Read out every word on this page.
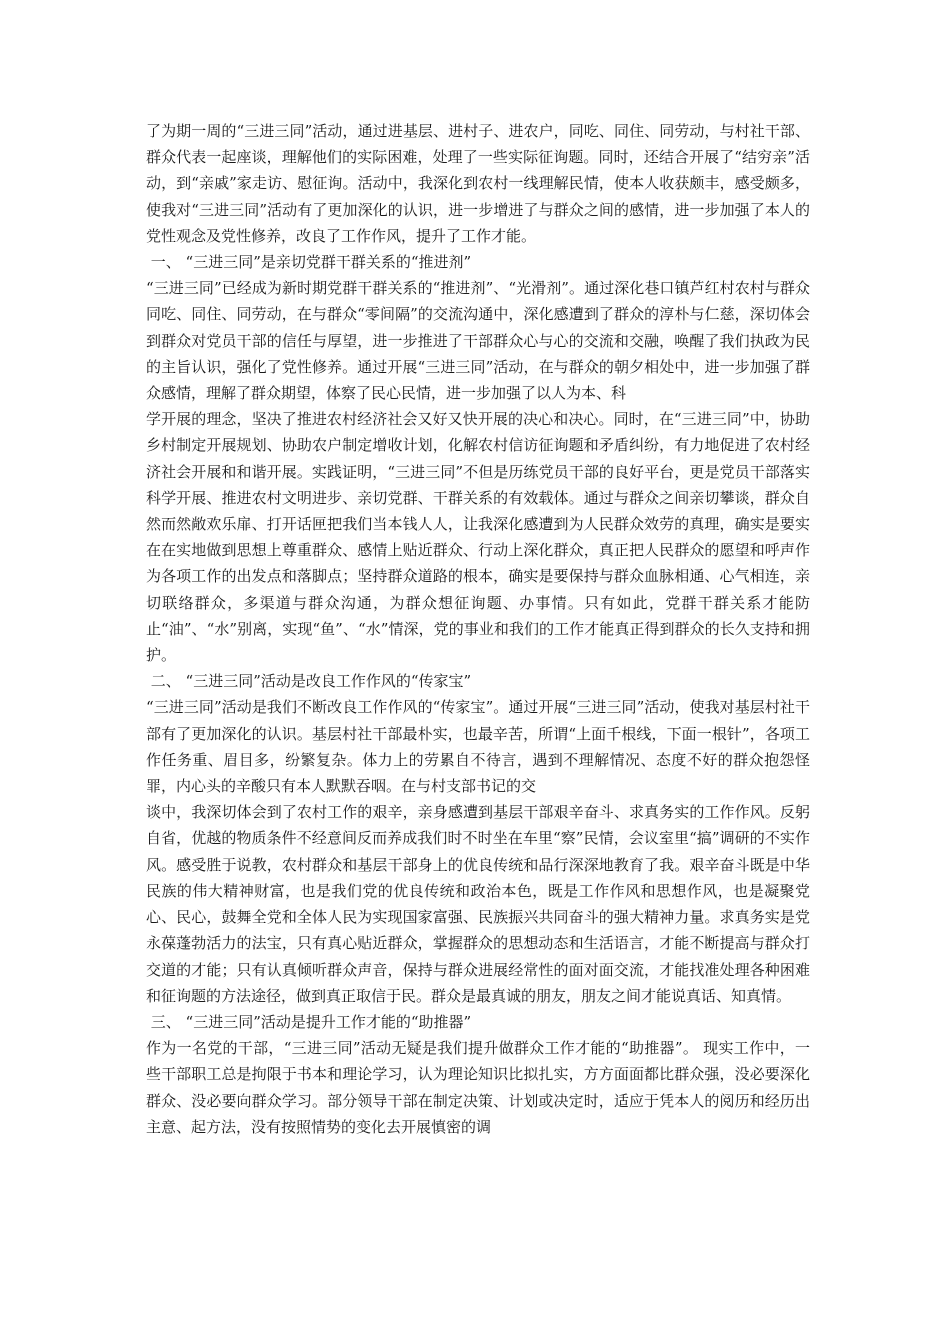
了为期一周的“三进三同”活动，通过进基层、进村子、进农户，同吃、同住、同劳动，与村社干部、群众代表一起座谈，理解他们的实际困难，处理了一些实际征询题。同时，还结合开展了“结穷亲”活动，到“亲戚”家走访、慰征询。活动中，我深化到农村一线理解民情，使本人收获颇丰，感受颇多，使我对“三进三同”活动有了更加深化的认识，进一步增进了与群众之间的感情，进一步加强了本人的党性观念及党性修养，改良了工作作风，提升了工作才能。

一、 “三进三同”是亲切党群干群关系的“推进剂”

“三进三同”已经成为新时期党群干群关系的“推进剂”、“光滑剂”。通过深化巷口镇芦红村农村与群众同吃、同住、同劳动，在与群众“零间隔”的交流沟通中，深化感遭到了群众的淳朴与仁慈，深切体会到群众对党员干部的信任与厚望，进一步推进了干部群众心与心的交流和交融，唤醒了我们执政为民的主旨认识，强化了党性修养。通过开展“三进三同”活动，在与群众的朝夕相处中，进一步加强了群众感情，理解了群众期望，体察了民心民情，进一步加强了以人为本、科

学开展的理念，坚决了推进农村经济社会又好又快开展的决心和决心。同时，在“三进三同”中，协助乡村制定开展规划、协助农户制定增收计划，化解农村信访征询题和矛盾纠纷，有力地促进了农村经济社会开展和和谐开展。实践证明，“三进三同”不但是历练党员干部的良好平台，更是党员干部落实科学开展、推进农村文明进步、亲切党群、干群关系的有效载体。通过与群众之间亲切攀谈，群众自然而然敞欢乐扉、打开话匣把我们当本钱人人，让我深化感遭到为人民群众效劳的真理，确实是要实在在实地做到思想上尊重群众、感情上贴近群众、行动上深化群众，真正把人民群众的愿望和呼声作为各项工作的出发点和落脚点；坚持群众道路的根本，确实是要保持与群众血脉相通、心气相连，亲切联络群众，多渠道与群众沟通，为群众想征询题、办事情。只有如此，党群干群关系才能防止“油”、“水”别离，实现“鱼”、“水”情深，党的事业和我们的工作才能真正得到群众的长久支持和拥护。

二、 “三进三同”活动是改良工作作风的“传家宝”

“三进三同”活动是我们不断改良工作作风的“传家宝”。通过开展“三进三同”活动，使我对基层村社干部有了更加深化的认识。基层村社干部最朴实，也最辛苦，所谓“上面千根线，下面一根针”，各项工作任务重、眉目多，纷繁复杂。体力上的劳累自不待言，遇到不理解情况、态度不好的群众抱怨怪罪，内心头的辛酸只有本人默默吞咽。在与村支部书记的交

谈中，我深切体会到了农村工作的艰辛，亲身感遭到基层干部艰辛奋斗、求真务实的工作作风。反躬自省，优越的物质条件不经意间反而养成我们时不时坐在车里“察”民情，会议室里“搞”调研的不实作风。感受胜于说教，农村群众和基层干部身上的优良传统和品行深深地教育了我。艰辛奋斗既是中华民族的伟大精神财富，也是我们党的优良传统和政治本色，既是工作作风和思想作风，也是凝聚党心、民心，鼓舞全党和全体人民为实现国家富强、民族振兴共同奋斗的强大精神力量。求真务实是党永葆蓬勃活力的法宝，只有真心贴近群众，掌握群众的思想动态和生活语言，才能不断提高与群众打交道的才能；只有认真倾听群众声音，保持与群众进展经常性的面对面交流，才能找准处理各种困难和征询题的方法途径，做到真正取信于民。群众是最真诚的朋友，朋友之间才能说真话、知真情。

三、 “三进三同”活动是提升工作才能的“助推器”

作为一名党的干部，“三进三同”活动无疑是我们提升做群众工作才能的“助推器”。 现实工作中，一些干部职工总是拘限于书本和理论学习，认为理论知识比拟扎实，方方面面都比群众强，没必要深化群众、没必要向群众学习。部分领导干部在制定决策、计划或决定时，适应于凭本人的阅历和经历出主意、起方法，没有按照情势的变化去开展慎密的调
